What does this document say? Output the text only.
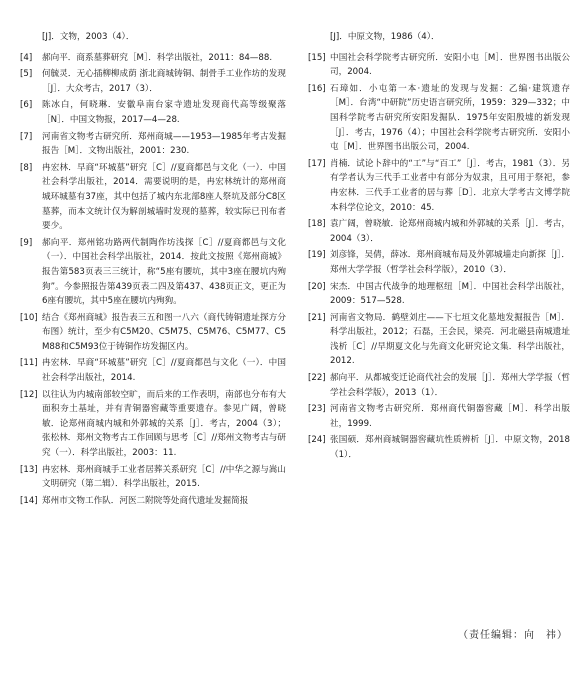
[J]．文物，2003（4）．
[4]	郝向平．商系墓葬研究［M］．科学出版社，2011：84—88.
[5]	何毓灵．无心插柳柳成荫 浙北商城铸铜、制骨手工业作坊的发现［J］．大众考古，2017（3）．
[6]	陈冰白，何晓琳．安徽阜南台家寺遗址发现商代高等级聚落［N］．中国文物报，2017—4—28.
[7]	河南省文物考古研究所．郑州商城——1953—1985年考古发掘报告［M］．文物出版社，2001：230.
[8]	冉宏林．早商“环城墓”研究［C］//夏商都邑与文化（一）．中国社会科学出版社，2014．需要说明的是，冉宏林统计的郑州商城环城墓有37座，其中包括了城内东北部8座人祭坑及部分C8区墓葬，而本文统计仅为解剖城墙时发现的墓葬，较实际已刊布者要少。
[9]	郝向平．郑州铭功路两代制陶作坊浅探［C］//夏商都邑与文化（一）．中国社会科学出版社，2014．按此文按照《郑州商城》报告第583页表三三统计，称“5座有腰坑，其中3座在腰坑内殉狗”。今参照报告第439页表二四及第437、438页正文，更正为6座有腰坑，其中5座在腰坑内殉狗。
[10] 结合《郑州商城》报告表三五和图一八六（商代铸铜遗址探方分布图）统计，至少有C5M20、C5M75、C5M76、C5M77、C5M88和C5M93位于铸铜作坊发掘区内。
[11] 冉宏林．早商“环城墓”研究［C］//夏商都邑与文化（一）．中国社会科学出版社，2014.
[12] 以往认为内城南部较空旷，而后来的工作表明，南部也分布有大面积夯土基址，并有青铜器窖藏等重要遗存。参见广阔，曾晓敏．论郑州商城内城和外郭城的关系［J］．考古，2004（3）；张松林．郑州文物考古工作回顾与思考［C］//郑州文物考古与研究（一）．科学出版社，2003：11.
[13] 冉宏林．郑州商城手工业者居葬关系研究［C］//中华之源与嵩山文明研究（第二辑）．科学出版社，2015.
[14] 郑州市文物工作队．河医二附院等处商代遗址发掘简报
[J]．中原文物，1986（4）．
[15] 中国社会科学院考古研究所．安阳小屯［M］．世界图书出版公司，2004.
[16] 石璋如．小屯第一本·遗址的发现与发掘：乙编·建筑遗存［M］．台湾“中研院”历史语言研究所，1959：329—332；中国科学院考古研究所安阳发掘队．1975年安阳殷墟的新发现［J］．考古，1976（4）；中国社会科学院考古研究所．安阳小屯［M］．世界图书出版公司，2004.
[17] 肖楠．试论卜辞中的“工”与“百工”［J］．考古，1981（3）．另有学者认为三代手工业者中有部分为奴隶，且可用于祭祀，参冉宏林．三代手工业者的居与葬［D］．北京大学考古文博学院本科学位论文，2010：45.
[18] 袁广阔，曾晓敏．论郑州商城内城和外郭城的关系［J］．考古，2004（3）．
[19] 刘彦锋，吴倩，薛冰．郑州商城布局及外郭城墙走向新探［J］．郑州大学学报（哲学社会科学版），2010（3）．
[20] 宋杰．中国古代战争的地理枢纽［M］．中国社会科学出版社，2009：517—528.
[21] 河南省文物局．鹤壁刘庄——下七垣文化墓地发掘报告［M］．科学出版社，2012；石磊，王会民，梁亮．河北磁县南城遗址浅析［C］//早期夏文化与先商文化研究论文集．科学出版社，2012.
[22] 郝向平．从都城变迁论商代社会的发展［J］．郑州大学学报（哲学社会科学版），2013（1）．
[23] 河南省文物考古研究所．郑州商代铜器窖藏［M］．科学出版社，1999.
[24] 张国硕．郑州商城铜器窖藏坑性质辨析［J］．中原文物，2018（1）．
（责任编辑：向　祎）
